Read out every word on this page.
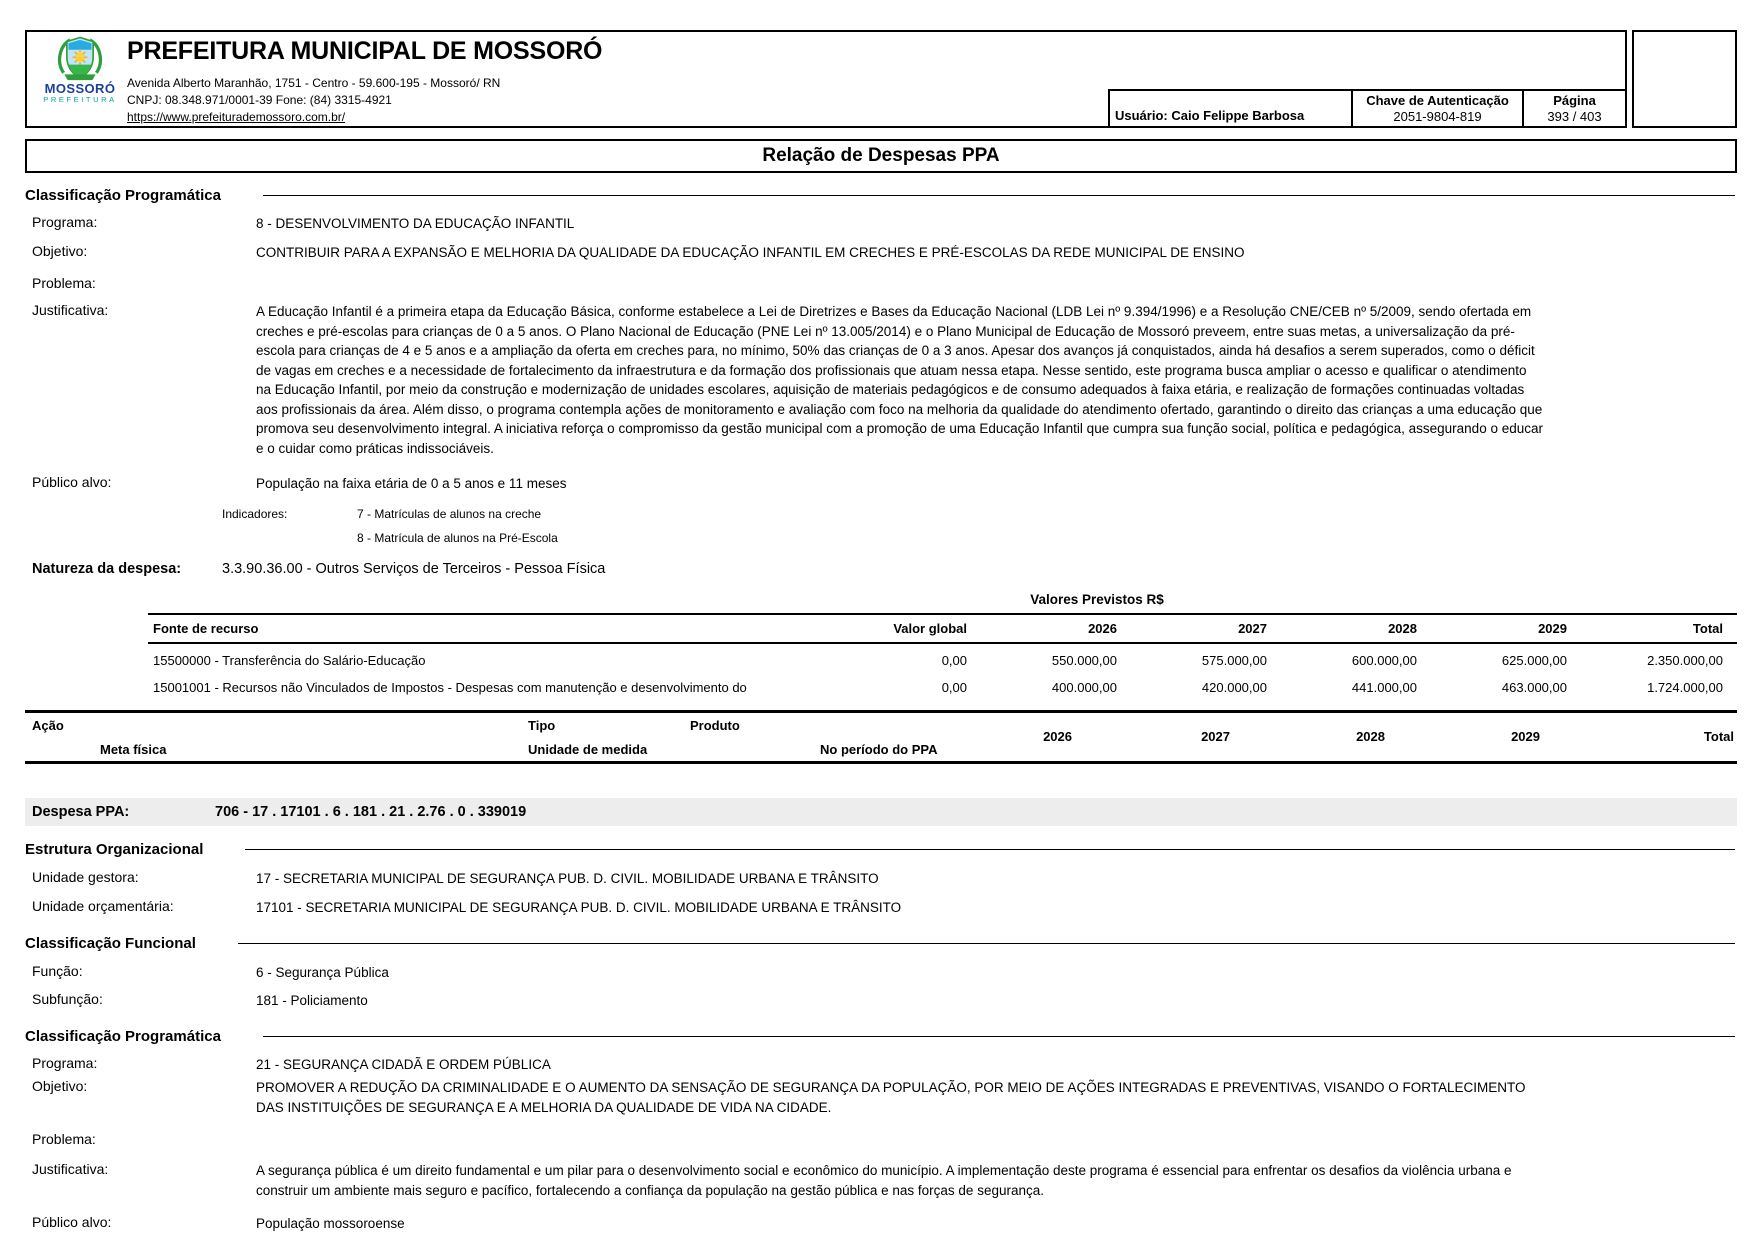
MOSSORÓ
PREFEITURA
PREFEITURA MUNICIPAL DE MOSSORÓ
Avenida Alberto Maranhão, 1751 - Centro - 59.600-195 - Mossoró/ RN
CNPJ: 08.348.971/0001-39 Fone: (84) 3315-4921
https://www.prefeiturademossoro.com.br/	Usuário: Caio Felippe Barbosa
Chave de Autenticação
2051-9804-819
Página
393 / 403
Relação de Despesas PPA
Classificação Programática
Programa:	8 - DESENVOLVIMENTO DA EDUCAÇÃO INFANTIL
Objetivo:	CONTRIBUIR PARA A EXPANSÃO E MELHORIA DA QUALIDADE DA EDUCAÇÃO INFANTIL EM CRECHES E PRÉ-ESCOLAS DA REDE MUNICIPAL DE ENSINO
Problema:
Justificativa:	A Educação Infantil é a primeira etapa da Educação Básica, conforme estabelece a Lei de Diretrizes e Bases da Educação Nacional (LDB Lei nº 9.394/1996) e a Resolução CNE/CEB nº 5/2009, sendo ofertada em creches e pré-escolas para crianças de 0 a 5 anos. O Plano Nacional de Educação (PNE Lei nº 13.005/2014) e o Plano Municipal de Educação de Mossoró preveem, entre suas metas, a universalização da pré-escola para crianças de 4 e 5 anos e a ampliação da oferta em creches para, no mínimo, 50% das crianças de 0 a 3 anos. Apesar dos avanços já conquistados, ainda há desafios a serem superados, como o déficit de vagas em creches e a necessidade de fortalecimento da infraestrutura e da formação dos profissionais que atuam nessa etapa. Nesse sentido, este programa busca ampliar o acesso e qualificar o atendimento na Educação Infantil, por meio da construção e modernização de unidades escolares, aquisição de materiais pedagógicos e de consumo adequados à faixa etária, e realização de formações continuadas voltadas aos profissionais da área. Além disso, o programa contempla ações de monitoramento e avaliação com foco na melhoria da qualidade do atendimento ofertado, garantindo o direito das crianças a uma educação que promova seu desenvolvimento integral. A iniciativa reforça o compromisso da gestão municipal com a promoção de uma Educação Infantil que cumpra sua função social, política e pedagógica, assegurando o educar e o cuidar como práticas indissociáveis.
Público alvo:	População na faixa etária de 0 a 5 anos e 11 meses
Indicadores:	7 - Matrículas de alunos na creche
8 - Matrícula de alunos na Pré-Escola
Natureza da despesa:	3.3.90.36.00 - Outros Serviços de Terceiros - Pessoa Física
Valores Previstos R$
Fonte de recurso	Valor global	2026	2027	2028	2029	Total
15500000 - Transferência do Salário-Educação	0,00	550.000,00	575.000,00	600.000,00	625.000,00	2.350.000,00
15001001 - Recursos não Vinculados de Impostos - Despesas com manutenção e desenvolvimento do	0,00	400.000,00	420.000,00	441.000,00	463.000,00	1.724.000,00
Ação	Tipo	Produto
Meta física	Unidade de medida	No período do PPA
2026	2027	2028	2029	Total
Despesa PPA:	706 - 17 . 17101 . 6 . 181 . 21 . 2.76 . 0 . 339019
Estrutura Organizacional
Unidade gestora:	17 - SECRETARIA MUNICIPAL DE SEGURANÇA PUB. D. CIVIL. MOBILIDADE URBANA E TRÂNSITO
Unidade orçamentária:	17101 - SECRETARIA MUNICIPAL DE SEGURANÇA PUB. D. CIVIL. MOBILIDADE URBANA E TRÂNSITO
Classificação Funcional
Função:	6 - Segurança Pública
Subfunção:	181 - Policiamento
Classificação Programática
Programa:	21 - SEGURANÇA CIDADÃ E ORDEM PÚBLICA
Objetivo:	PROMOVER A REDUÇÃO DA CRIMINALIDADE E O AUMENTO DA SENSAÇÃO DE SEGURANÇA DA POPULAÇÃO, POR MEIO DE AÇÕES INTEGRADAS E PREVENTIVAS, VISANDO O FORTALECIMENTO DAS INSTITUIÇÕES DE SEGURANÇA E A MELHORIA DA QUALIDADE DE VIDA NA CIDADE.
Problema:
Justificativa:	A segurança pública é um direito fundamental e um pilar para o desenvolvimento social e econômico do município. A implementação deste programa é essencial para enfrentar os desafios da violência urbana e construir um ambiente mais seguro e pacífico, fortalecendo a confiança da população na gestão pública e nas forças de segurança.
Público alvo:	População mossoroense
